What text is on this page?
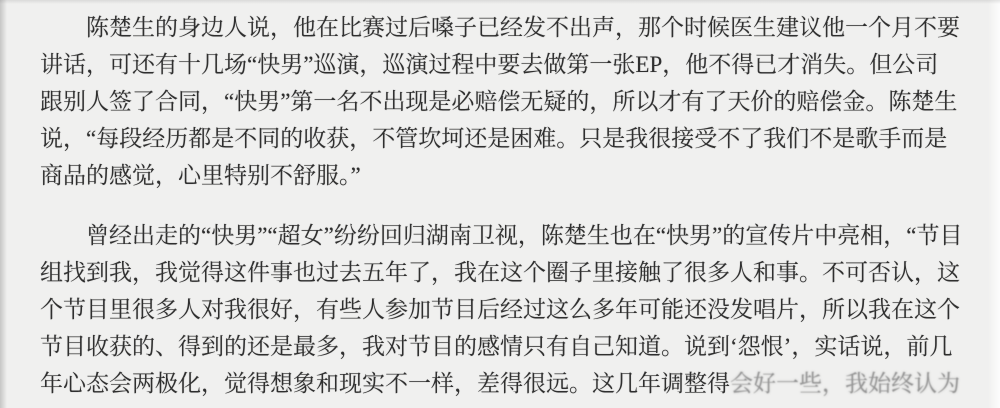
陈楚生的身边人说，他在比赛过后嗓子已经发不出声，那个时候医生建议他一个月不要
讲话，可还有十几场“快男”巡演，巡演过程中要去做第一张EP，他不得已才消失。但公司
跟别人签了合同，“快男”第一名不出现是必赔偿无疑的，所以才有了天价的赔偿金。陈楚生
说，“每段经历都是不同的收获，不管坎坷还是困难。只是我很接受不了我们不是歌手而是
商品的感觉，心里特别不舒服。”
曾经出走的“快男”“超女”纷纷回归湖南卫视，陈楚生也在“快男”的宣传片中亮相，“节目
组找到我，我觉得这件事也过去五年了，我在这个圈子里接触了很多人和事。不可否认，这
个节目里很多人对我很好，有些人参加节目后经过这么多年可能还没发唱片，所以我在这个
节目收获的、得到的还是最多，我对节目的感情只有自己知道。说到‘怨恨’，实话说，前几
年心态会两极化，觉得想象和现实不一样，差得很远。这几年调整得会好一些，我始终认为
